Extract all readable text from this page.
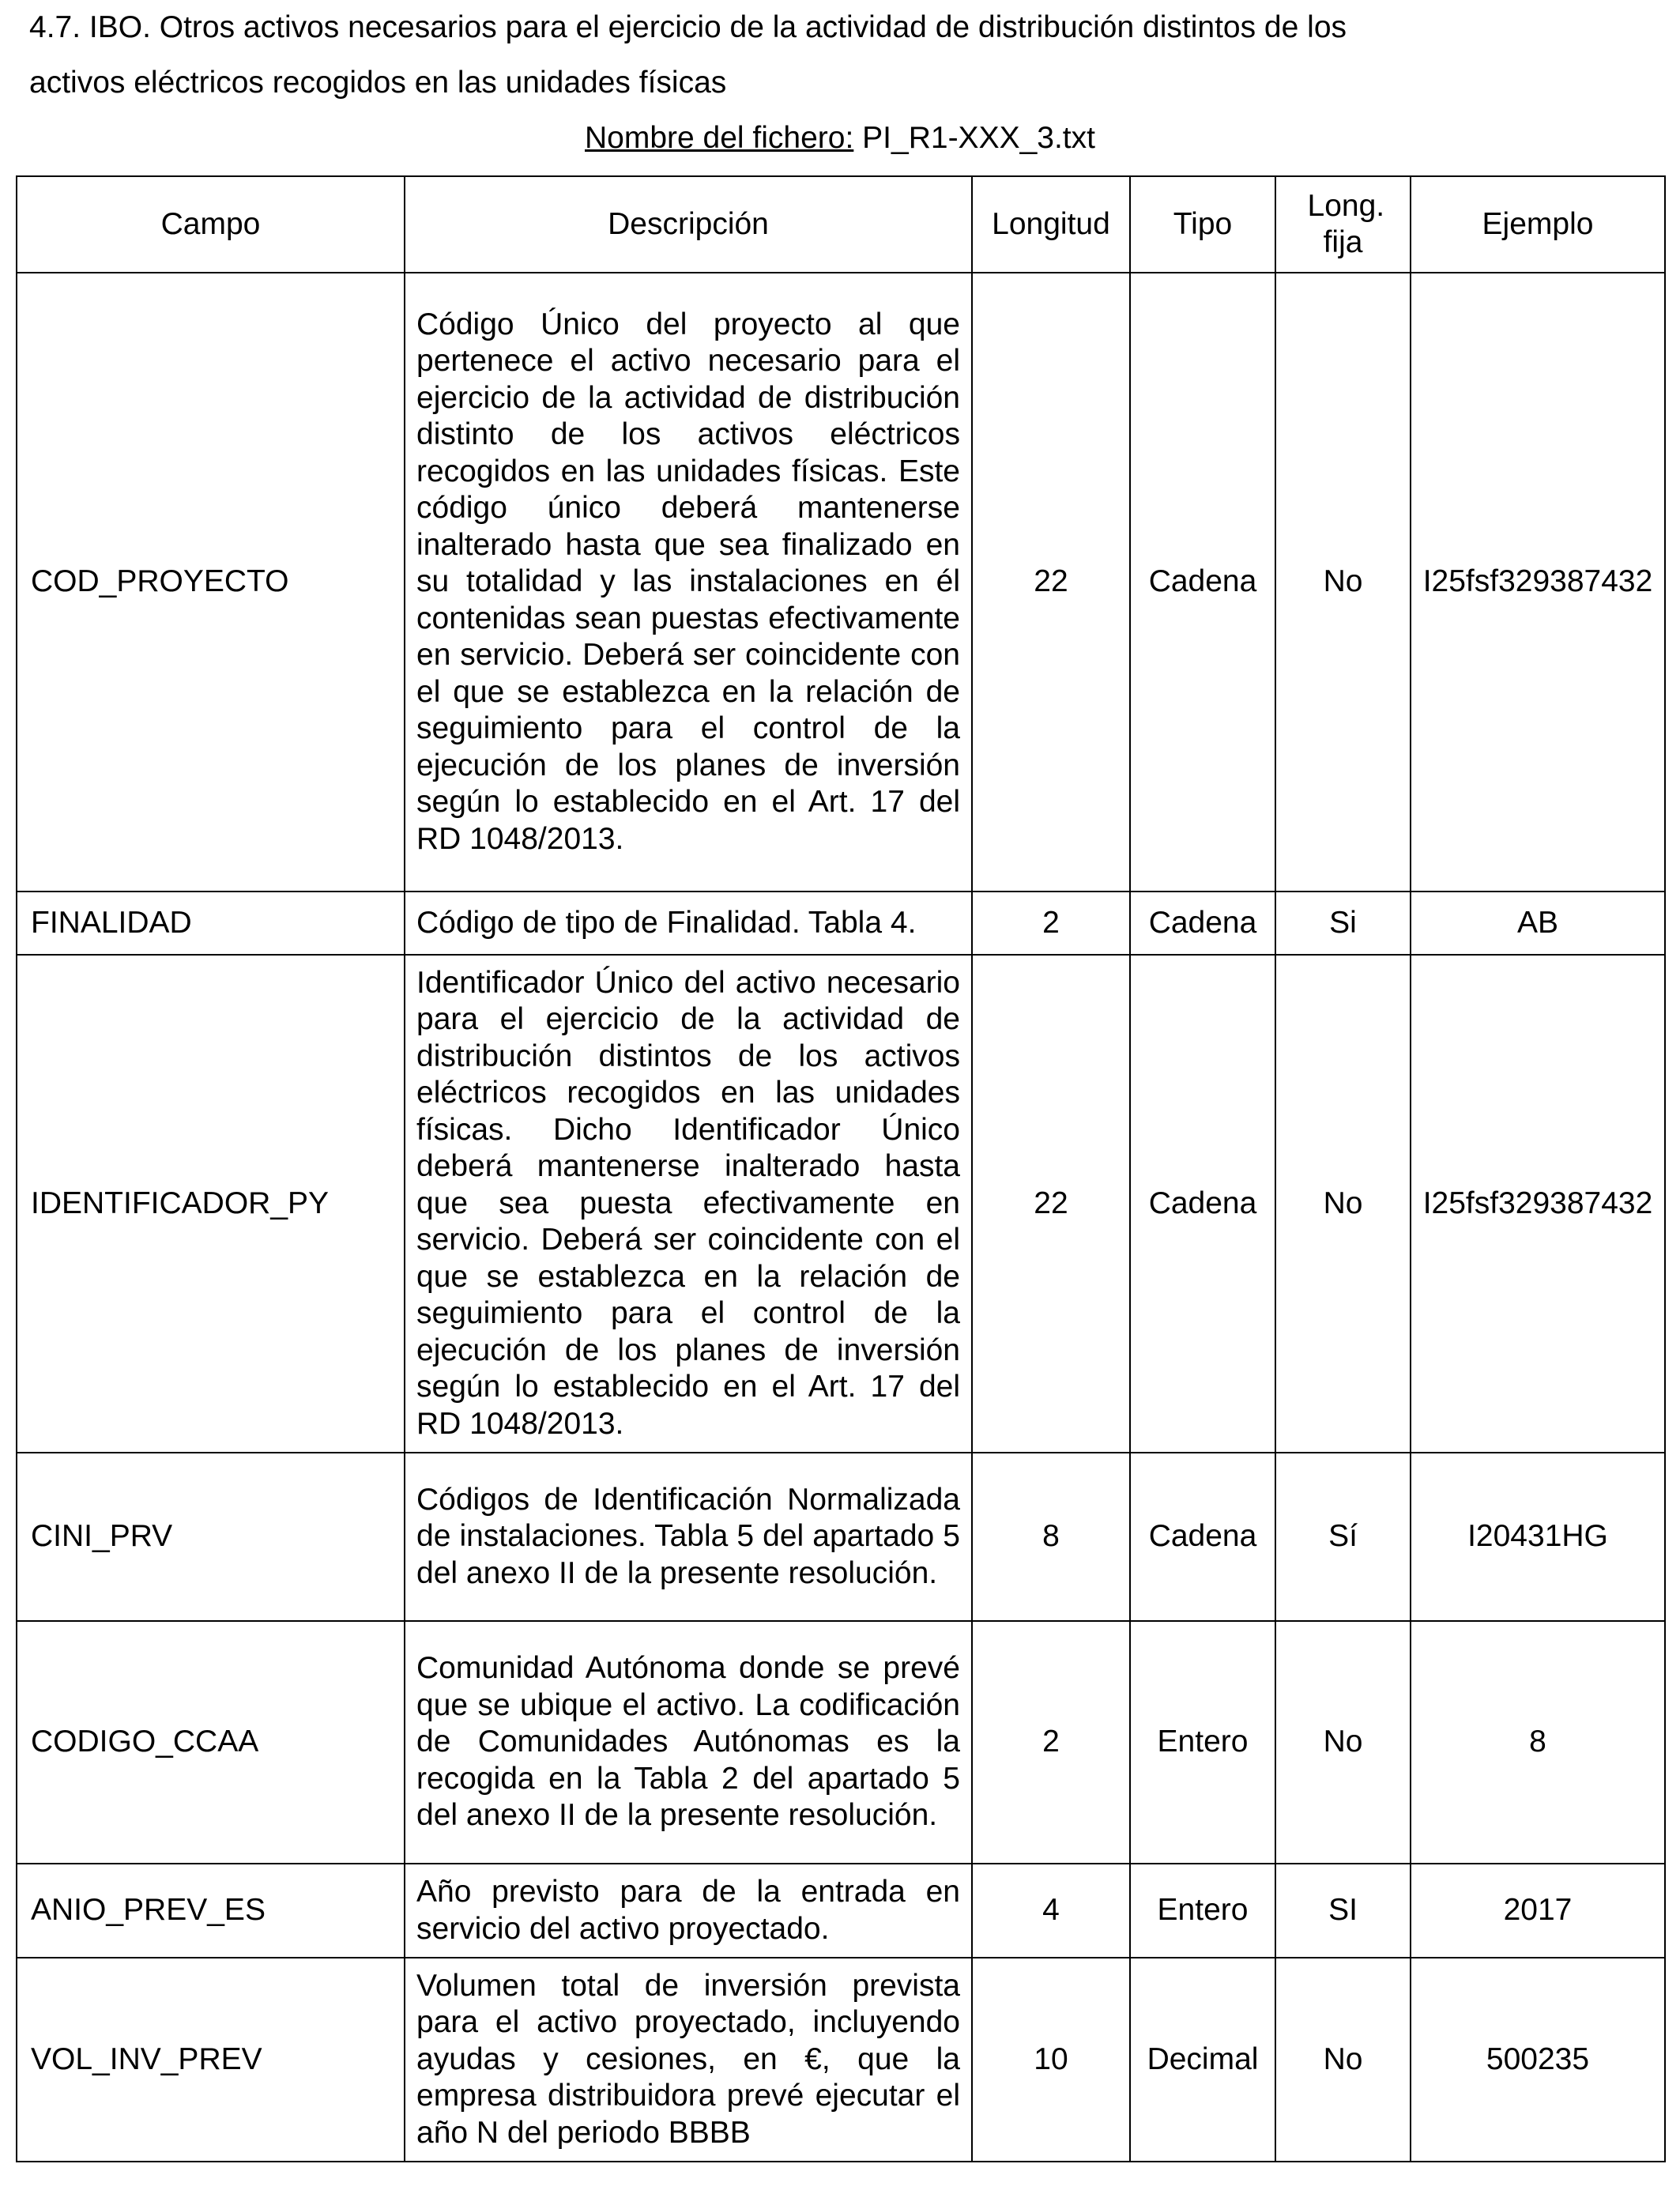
4.7. IBO. Otros activos necesarios para el ejercicio de la actividad de distribución distintos de los
activos eléctricos recogidos en las unidades físicas
Nombre del fichero: PI_R1-XXX_3.txt
Campo	Descripción	Longitud	Tipo	Long. fija	Ejemplo
COD_PROYECTO	Código Único del proyecto al que pertenece el activo necesario para el ejercicio de la actividad de distribución distinto de los activos eléctricos recogidos en las unidades físicas. Este código único deberá mantenerse inalterado hasta que sea finalizado en su totalidad y las instalaciones en él contenidas sean puestas efectivamente en servicio. Deberá ser coincidente con el que se establezca en la relación de seguimiento para el control de la ejecución de los planes de inversión según lo establecido en el Art. 17 del RD 1048/2013.	22	Cadena	No	I25fsf329387432
FINALIDAD	Código de tipo de Finalidad. Tabla 4.	2	Cadena	Si	AB
IDENTIFICADOR_PY	Identificador Único del activo necesario para el ejercicio de la actividad de distribución distintos de los activos eléctricos recogidos en las unidades físicas. Dicho Identificador Único deberá mantenerse inalterado hasta que sea puesta efectivamente en servicio. Deberá ser coincidente con el que se establezca en la relación de seguimiento para el control de la ejecución de los planes de inversión según lo establecido en el Art. 17 del RD 1048/2013.	22	Cadena	No	I25fsf329387432
CINI_PRV	Códigos de Identificación Normalizada de instalaciones. Tabla 5 del apartado 5 del anexo II de la presente resolución.	8	Cadena	Sí	I20431HG
CODIGO_CCAA	Comunidad Autónoma donde se prevé que se ubique el activo. La codificación de Comunidades Autónomas es la recogida en la Tabla 2 del apartado 5 del anexo II de la presente resolución.	2	Entero	No	8
ANIO_PREV_ES	Año previsto para de la entrada en servicio del activo proyectado.	4	Entero	SI	2017
VOL_INV_PREV	Volumen total de inversión prevista para el activo proyectado, incluyendo ayudas y cesiones, en €, que la empresa distribuidora prevé ejecutar el año N del periodo BBBB	10	Decimal	No	500235
